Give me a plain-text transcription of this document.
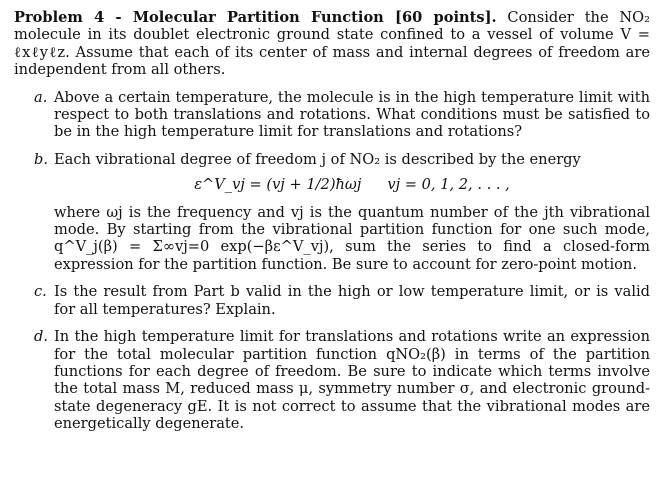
Problem 4 - Molecular Partition Function [60 points]. Consider the NO₂ molecule in its doublet electronic ground state confined to a vessel of volume V = ℓxℓyℓz. Assume that each of its center of mass and internal degrees of freedom are independent from all others.

a. Above a certain temperature, the molecule is in the high temperature limit with respect to both translations and rotations. What conditions must be satisfied to be in the high temperature limit for translations and rotations?

b. Each vibrational degree of freedom j of NO₂ is described by the energy

ε^V_vj = (vj + 1/2)ħωj vj = 0, 1, 2, . . . ,

where ωj is the frequency and vj is the quantum number of the jth vibrational mode. By starting from the vibrational partition function for one such mode, q^V_j(β) = Σ∞vj=0 exp(−βε^V_vj), sum the series to find a closed-form expression for the partition function. Be sure to account for zero-point motion.

c. Is the result from Part b valid in the high or low temperature limit, or is valid for all temperatures? Explain.

d. In the high temperature limit for translations and rotations write an expression for the total molecular partition function qNO₂(β) in terms of the partition functions for each degree of freedom. Be sure to indicate which terms involve the total mass M, reduced mass μ, symmetry number σ, and electronic ground-state degeneracy gE. It is not correct to assume that the vibrational modes are energetically degenerate.
